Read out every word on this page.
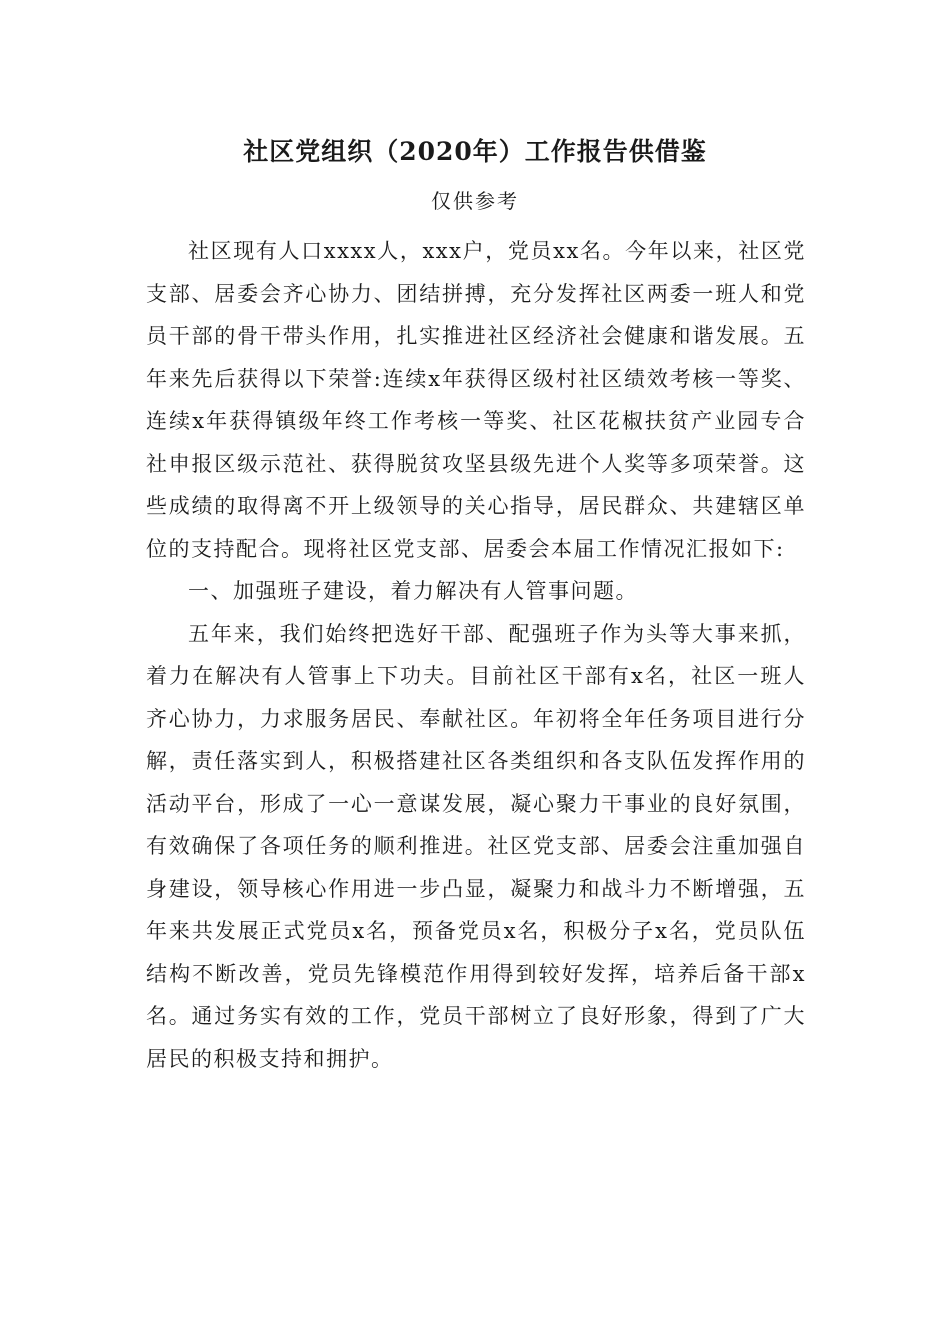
社区党组织（2020年）工作报告供借鉴
仅供参考

社区现有人口xxxx人，xxx户，党员xx名。今年以来，社区党支部、居委会齐心协力、团结拼搏，充分发挥社区两委一班人和党员干部的骨干带头作用，扎实推进社区经济社会健康和谐发展。五年来先后获得以下荣誉:连续x年获得区级村社区绩效考核一等奖、连续x年获得镇级年终工作考核一等奖、社区花椒扶贫产业园专合社申报区级示范社、获得脱贫攻坚县级先进个人奖等多项荣誉。这些成绩的取得离不开上级领导的关心指导，居民群众、共建辖区单位的支持配合。现将社区党支部、居委会本届工作情况汇报如下:

一、加强班子建设，着力解决有人管事问题。

五年来，我们始终把选好干部、配强班子作为头等大事来抓，着力在解决有人管事上下功夫。目前社区干部有x名，社区一班人齐心协力，力求服务居民、奉献社区。年初将全年任务项目进行分解，责任落实到人，积极搭建社区各类组织和各支队伍发挥作用的活动平台，形成了一心一意谋发展，凝心聚力干事业的良好氛围，有效确保了各项任务的顺利推进。社区党支部、居委会注重加强自身建设，领导核心作用进一步凸显，凝聚力和战斗力不断增强，五年来共发展正式党员x名，预备党员x名，积极分子x名，党员队伍结构不断改善，党员先锋模范作用得到较好发挥，培养后备干部x名。通过务实有效的工作，党员干部树立了良好形象，得到了广大居民的积极支持和拥护。
